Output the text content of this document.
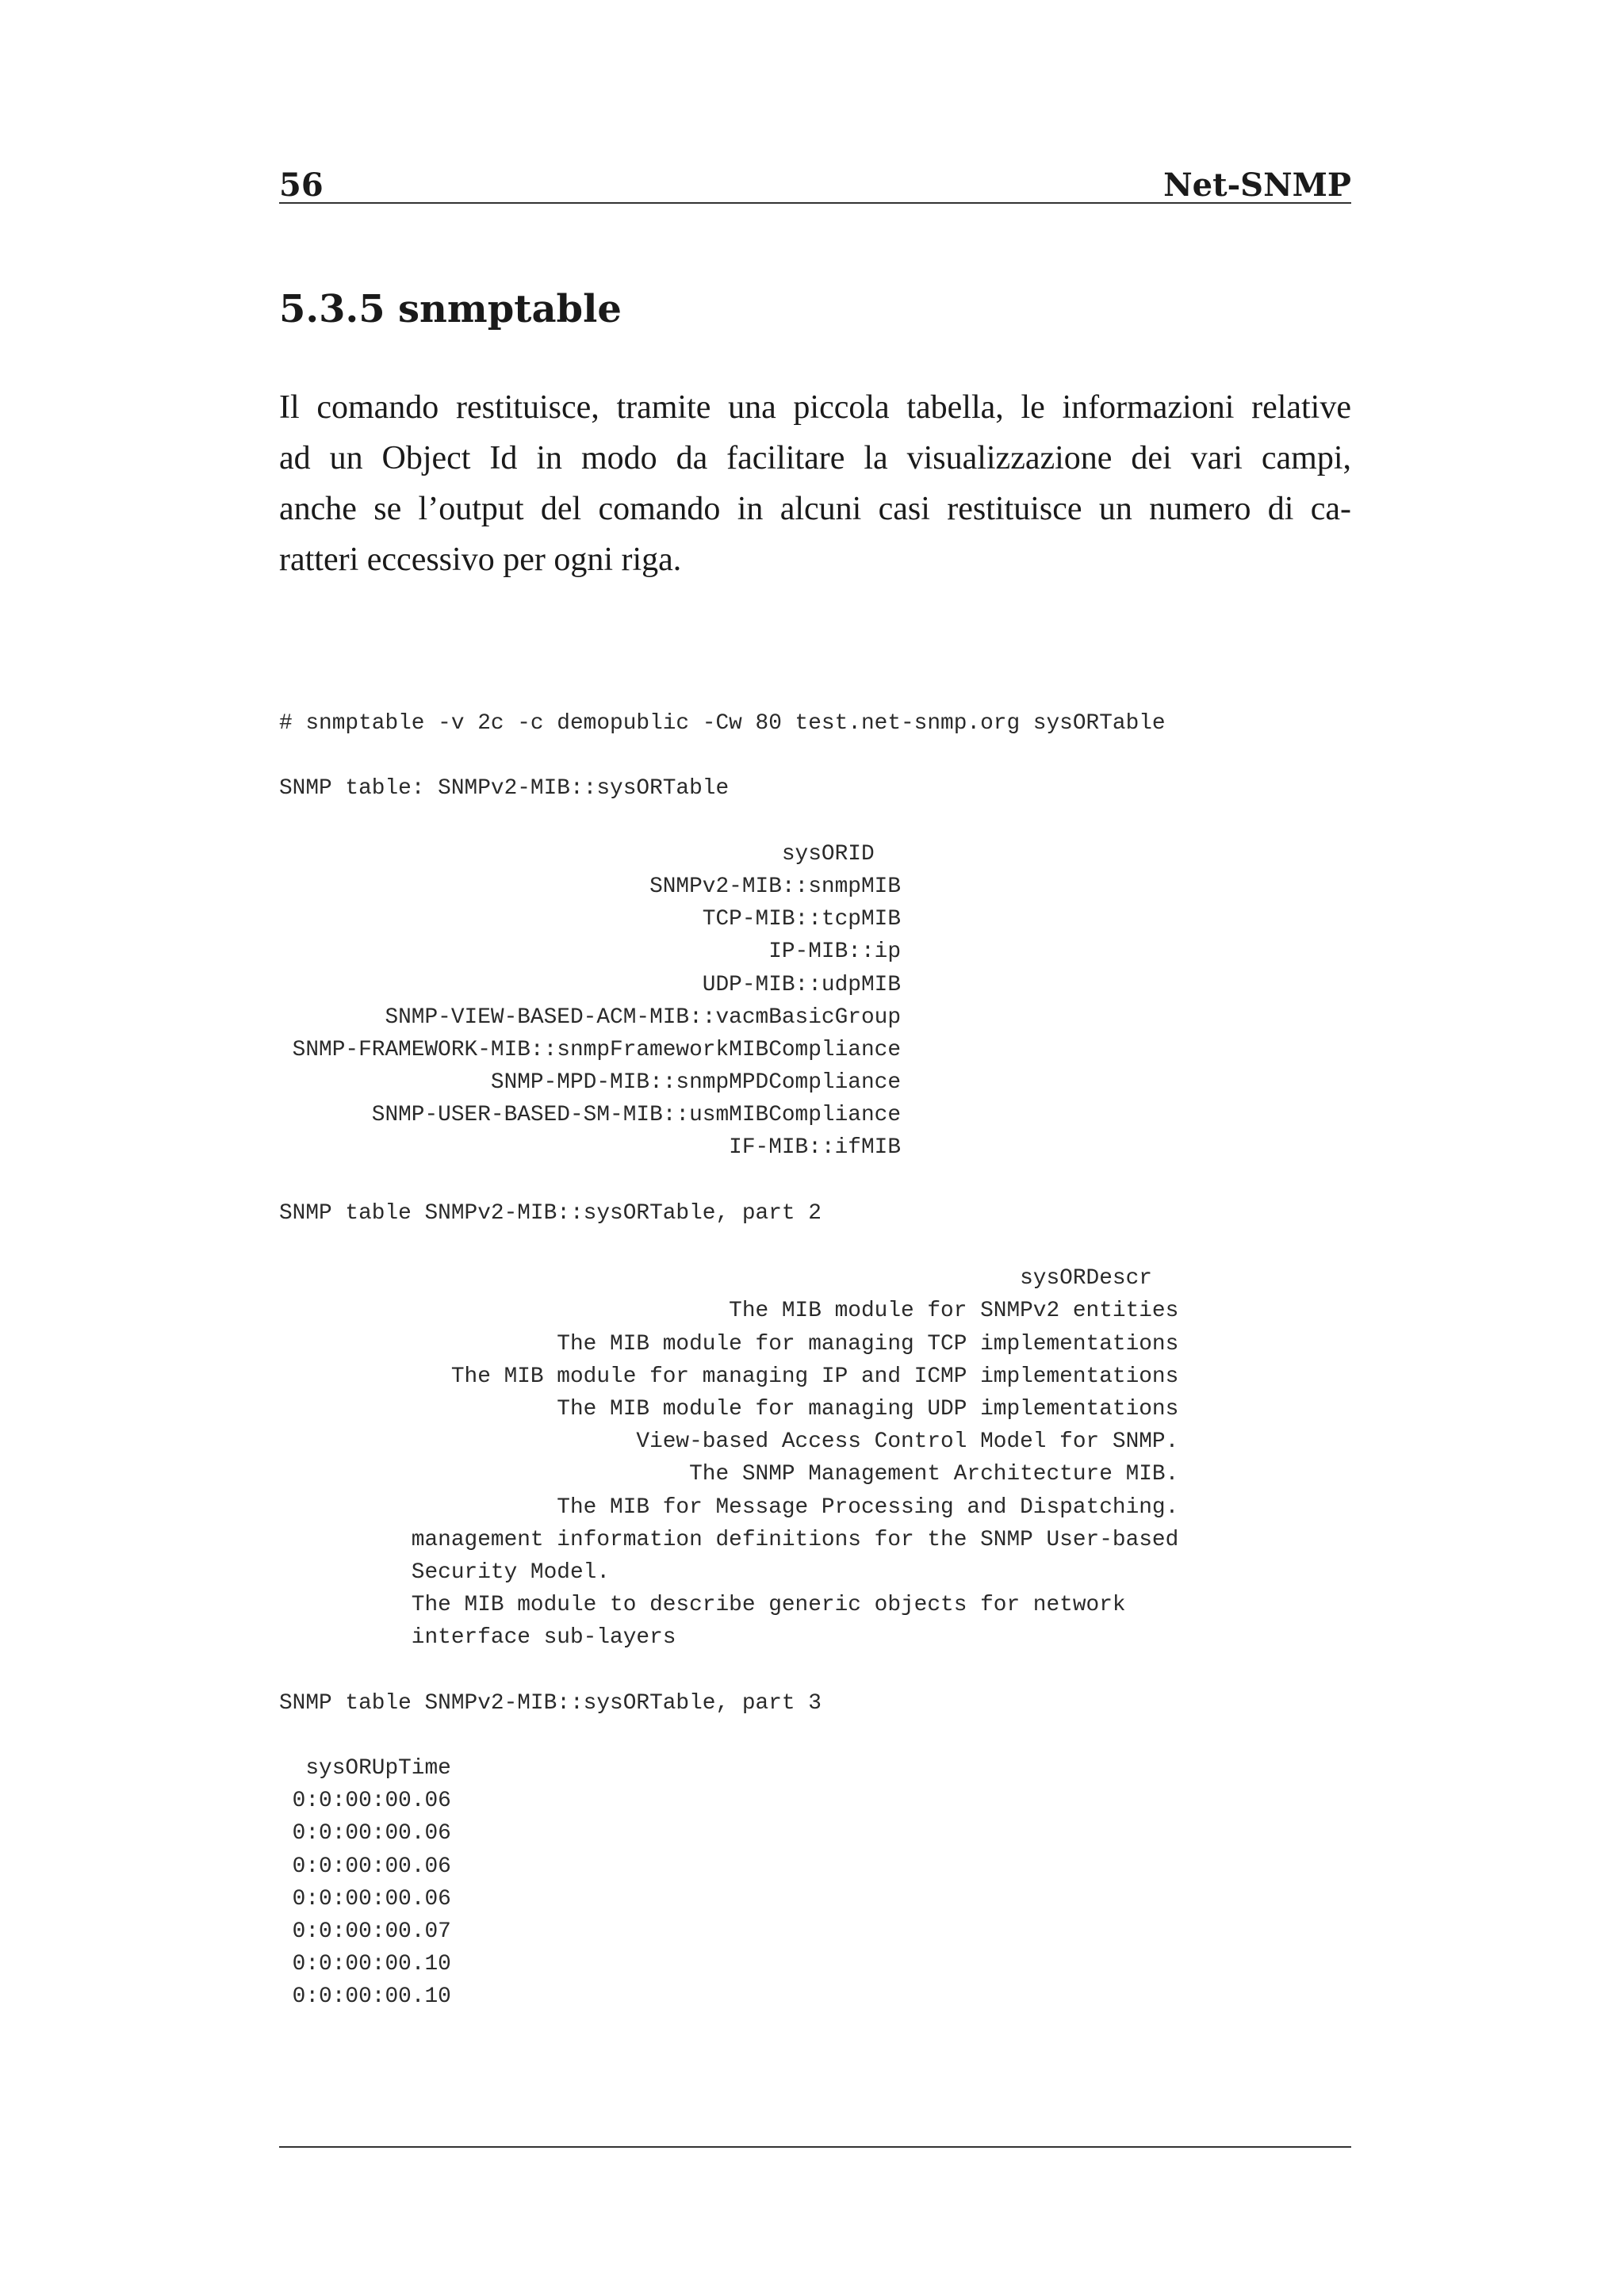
56	Net-SNMP
5.3.5 snmptable
Il comando restituisce, tramite una piccola tabella, le informazioni relative
ad un Object Id in modo da facilitare la visualizzazione dei vari campi,
anche se l’output del comando in alcuni casi restituisce un numero di ca-
ratteri eccessivo per ogni riga.
# snmptable -v 2c -c demopublic -Cw 80 test.net-snmp.org sysORTable
SNMP table: SNMPv2-MIB::sysORTable
sysORID
SNMPv2-MIB::snmpMIB
TCP-MIB::tcpMIB
IP-MIB::ip
UDP-MIB::udpMIB
SNMP-VIEW-BASED-ACM-MIB::vacmBasicGroup
SNMP-FRAMEWORK-MIB::snmpFrameworkMIBCompliance
SNMP-MPD-MIB::snmpMPDCompliance
SNMP-USER-BASED-SM-MIB::usmMIBCompliance
IF-MIB::ifMIB
SNMP table SNMPv2-MIB::sysORTable, part 2
sysORDescr
The MIB module for SNMPv2 entities
The MIB module for managing TCP implementations
The MIB module for managing IP and ICMP implementations
The MIB module for managing UDP implementations
View-based Access Control Model for SNMP.
The SNMP Management Architecture MIB.
The MIB for Message Processing and Dispatching.
management information definitions for the SNMP User-based
Security Model.
The MIB module to describe generic objects for network
interface sub-layers
SNMP table SNMPv2-MIB::sysORTable, part 3
sysORUpTime
0:0:00:00.06
0:0:00:00.06
0:0:00:00.06
0:0:00:00.06
0:0:00:00.07
0:0:00:00.10
0:0:00:00.10
